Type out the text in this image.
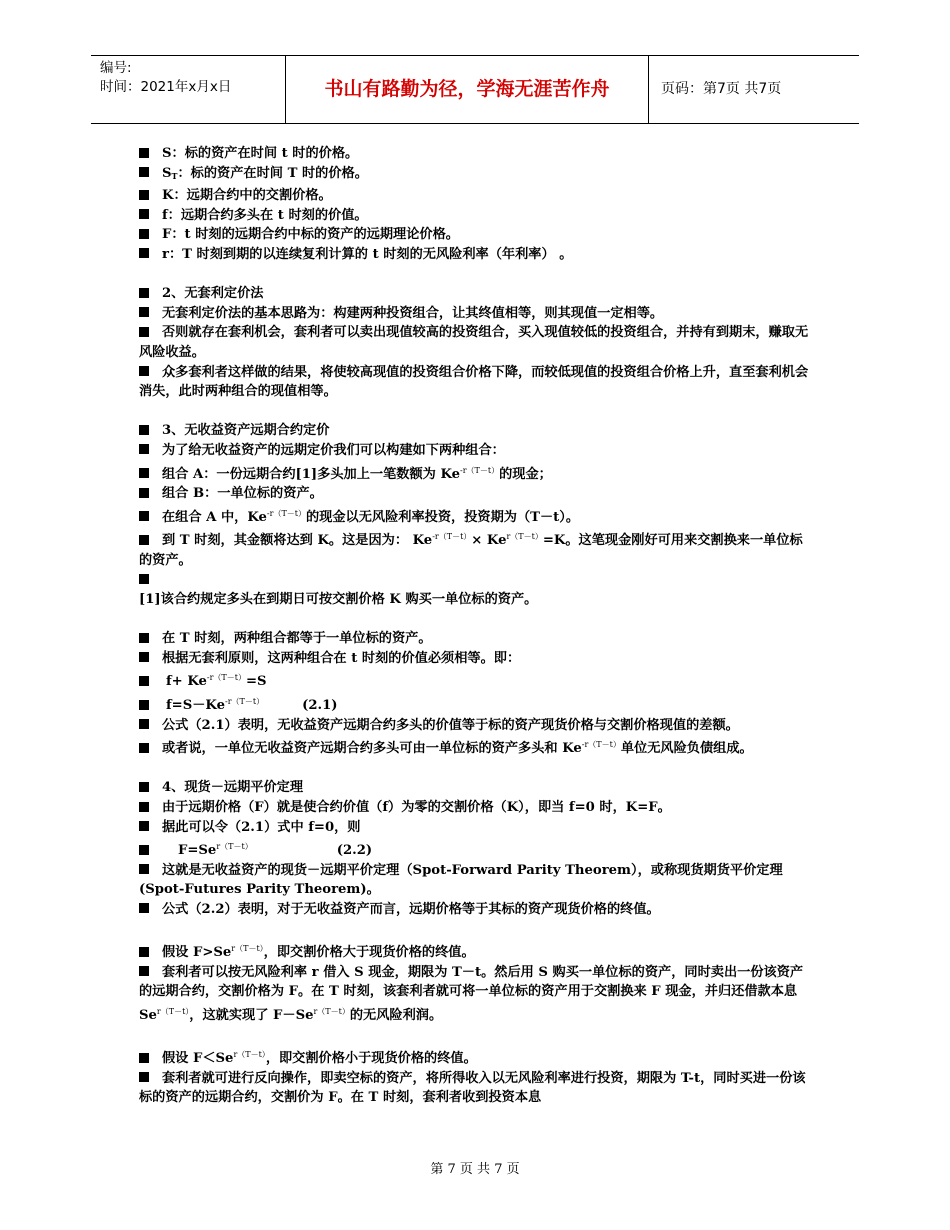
编号:
时间：2021年x月x日	书山有路勤为径，学海无涯苦作舟	页码：第7页 共7页
S：标的资产在时间 t 时的价格。
$S_T$：标的资产在时间 T 时的价格。
K：远期合约中的交割价格。
f：远期合约多头在 t 时刻的价值。
F：t 时刻的远期合约中标的资产的远期理论价格。
r：T 时刻到期的以连续复利计算的 t 时刻的无风险利率（年利率） 。
2、无套利定价法
无套利定价法的基本思路为：构建两种投资组合，让其终值相等，则其现值一定相等。
否则就存在套利机会，套利者可以卖出现值较高的投资组合，买入现值较低的投资组合，并持有到期末，赚取无风险收益。
众多套利者这样做的结果，将使较高现值的投资组合价格下降，而较低现值的投资组合价格上升，直至套利机会消失，此时两种组合的现值相等。
3、无收益资产远期合约定价
为了给无收益资产的远期定价我们可以构建如下两种组合：
组合 A：一份远期合约[1]多头加上一笔数额为 $Ke^{-r(T-t)}$的现金；
组合 B：一单位标的资产。
在组合 A 中，$Ke^{-r(T-t)}$的现金以无风险利率投资，投资期为（T－t）。
到 T 时刻，其金额将达到 K。这是因为： $Ke^{-r(T-t)}\times Ke^{r(T-t)}=K$。这笔现金刚好可用来交割换来一单位标的资产。
[1]该合约规定多头在到期日可按交割价格 K 购买一单位标的资产。
在 T 时刻，两种组合都等于一单位标的资产。
根据无套利原则，这两种组合在 t 时刻的价值必须相等。即：
$f+ Ke^{-r(T-t)}=S$
$f=S-Ke^{-r(T-t)}$	(2.1)
公式（2.1）表明，无收益资产远期合约多头的价值等于标的资产现货价格与交割价格现值的差额。
或者说，一单位无收益资产远期合约多头可由一单位标的资产多头和 $Ke^{-r(T-t)}$单位无风险负债组成。
4、现货－远期平价定理
由于远期价格（F）就是使合约价值（f）为零的交割价格（K），即当 f=0 时，K=F。
据此可以令（2.1）式中 f=0，则
$F=Se^{r(T-t)}$	(2.2)
这就是无收益资产的现货－远期平价定理（Spot-Forward Parity Theorem），或称现货期货平价定理(Spot-Futures Parity Theorem)。
公式（2.2）表明，对于无收益资产而言，远期价格等于其标的资产现货价格的终值。
假设 $F>Se^{r(T-t)}$，即交割价格大于现货价格的终值。
套利者可以按无风险利率 r 借入 S 现金，期限为 T－t。然后用 S 购买一单位标的资产，同时卖出一份该资产的远期合约，交割价格为 F。在 T 时刻，该套利者就可将一单位标的资产用于交割换来 F 现金，并归还借款本息 $Se^{r(T-t)}$，这就实现了 $F-Se^{r(T-t)}$的无风险利润。
假设 $F<Se^{r(T-t)}$，即交割价格小于现货价格的终值。
套利者就可进行反向操作，即卖空标的资产，将所得收入以无风险利率进行投资，期限为 T-t，同时买进一份该标的资产的远期合约，交割价为 F。在 T 时刻，套利者收到投资本息
第 7 页 共 7 页
